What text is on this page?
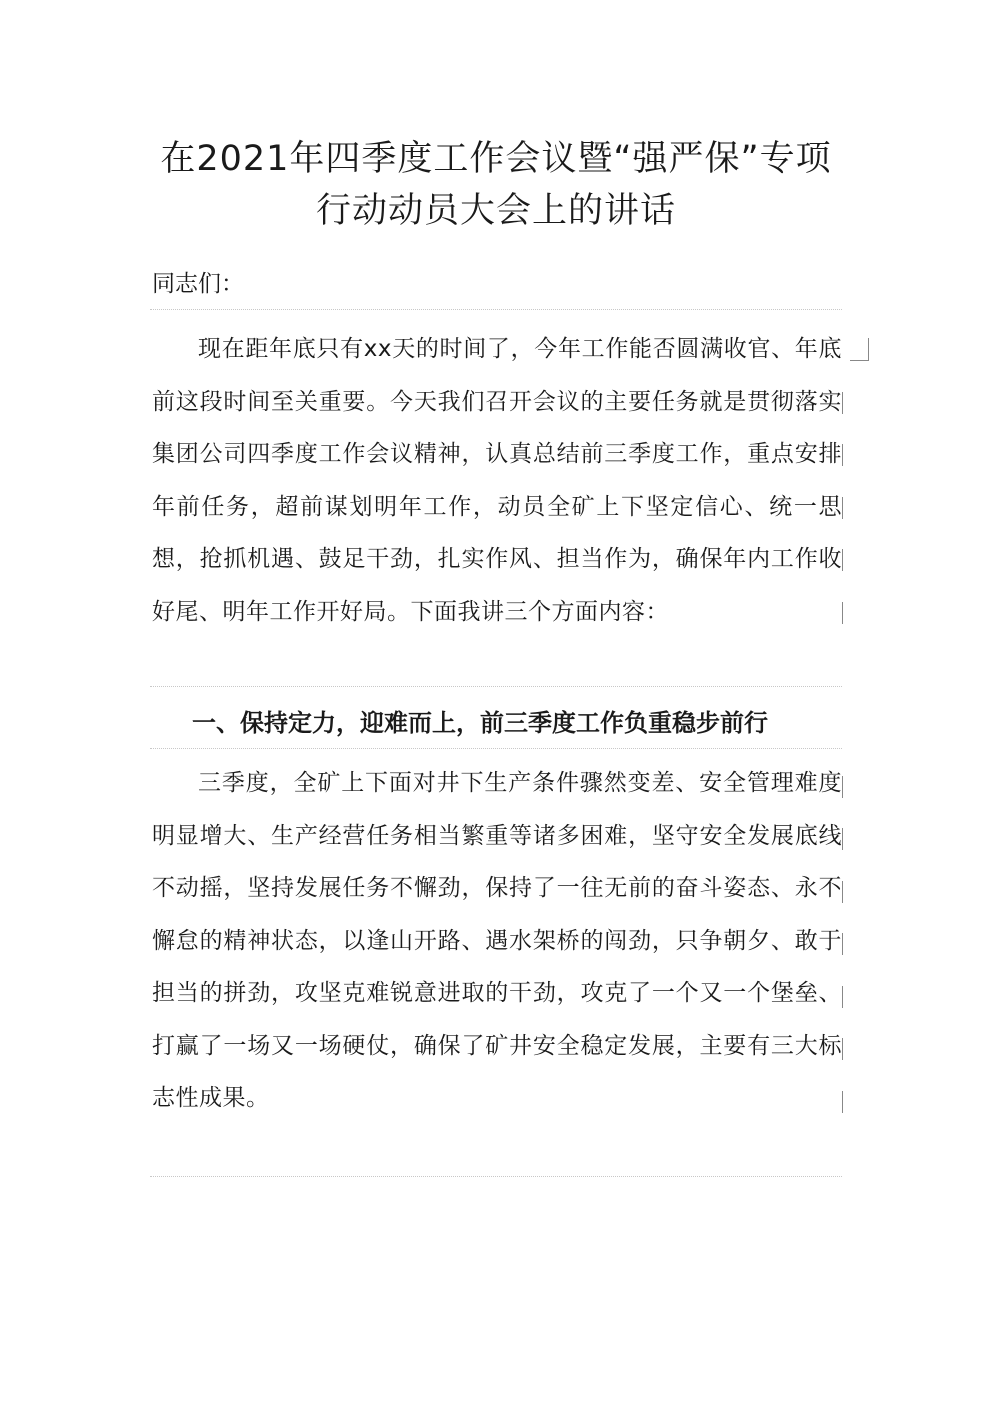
在2021年四季度工作会议暨“强严保”专项
行动动员大会上的讲话
同志们：

现在距年底只有xx天的时间了，今年工作能否圆满收官、年底前这段时间至关重要。今天我们召开会议的主要任务就是贯彻落实集团公司四季度工作会议精神，认真总结前三季度工作，重点安排年前任务，超前谋划明年工作，动员全矿上下坚定信心、统一思想，抢抓机遇、鼓足干劲，扎实作风、担当作为，确保年内工作收好尾、明年工作开好局。下面我讲三个方面内容：

一、保持定力，迎难而上，前三季度工作负重稳步前行

三季度，全矿上下面对井下生产条件骤然变差、安全管理难度明显增大、生产经营任务相当繁重等诸多困难，坚守安全发展底线不动摇，坚持发展任务不懈劲，保持了一往无前的奋斗姿态、永不懈怠的精神状态，以逢山开路、遇水架桥的闯劲，只争朝夕、敢于担当的拼劲，攻坚克难锐意进取的干劲，攻克了一个又一个堡垒、打赢了一场又一场硬仗，确保了矿井安全稳定发展，主要有三大标志性成果。
